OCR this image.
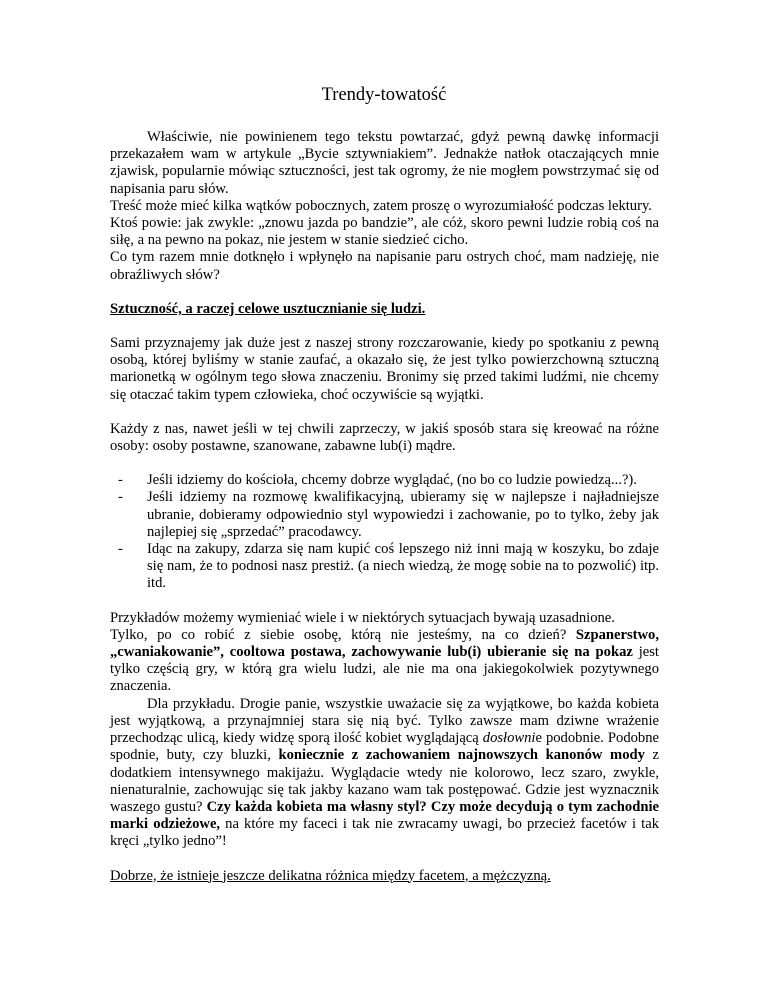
Trendy-towatość

Właściwie, nie powinienem tego tekstu powtarzać, gdyż pewną dawkę informacji przekazałem wam w artykule „Bycie sztywniakiem”. Jednakże natłok otaczających mnie zjawisk, popularnie mówiąc sztuczności, jest tak ogromy, że nie mogłem powstrzymać się od napisania paru słów.

Treść może mieć kilka wątków pobocznych, zatem proszę o wyrozumiałość podczas lektury.

Ktoś powie: jak zwykle: „znowu jazda po bandzie”, ale cóż, skoro pewni ludzie robią coś na siłę, a na pewno na pokaz, nie jestem w stanie siedzieć cicho.

Co tym razem mnie dotknęło i wpłynęło na napisanie paru ostrych choć, mam nadzieję, nie obraźliwych słów?

Sztuczność, a raczej celowe usztucznianie się ludzi.

Sami przyznajemy jak duże jest z naszej strony rozczarowanie, kiedy po spotkaniu z pewną osobą, której byliśmy w stanie zaufać, a okazało się, że jest tylko powierzchowną sztuczną marionetką w ogólnym tego słowa znaczeniu. Bronimy się przed takimi ludźmi, nie chcemy się otaczać takim typem człowieka, choć oczywiście są wyjątki.

Każdy z nas, nawet jeśli w tej chwili zaprzeczy, w jakiś sposób stara się kreować na różne osoby: osoby postawne, szanowane, zabawne lub(i) mądre.

- Jeśli idziemy do kościoła, chcemy dobrze wyglądać, (no bo co ludzie powiedzą...?).
- Jeśli idziemy na rozmowę kwalifikacyjną, ubieramy się w najlepsze i najładniejsze ubranie, dobieramy odpowiednio styl wypowiedzi i zachowanie, po to tylko, żeby jak najlepiej się „sprzedać” pracodawcy.
- Idąc na zakupy, zdarza się nam kupić coś lepszego niż inni mają w koszyku, bo zdaje się nam, że to podnosi nasz prestiż. (a niech wiedzą, że mogę sobie na to pozwolić) itp. itd.

Przykładów możemy wymieniać wiele i w niektórych sytuacjach bywają uzasadnione.

Tylko, po co robić z siebie osobę, którą nie jesteśmy, na co dzień? Szpanerstwo, „cwaniakowanie”, cooltowa postawa, zachowywanie lub(i) ubieranie się na pokaz jest tylko częścią gry, w którą gra wielu ludzi, ale nie ma ona jakiegokolwiek pozytywnego znaczenia.

Dla przykładu. Drogie panie, wszystkie uważacie się za wyjątkowe, bo każda kobieta jest wyjątkową, a przynajmniej stara się nią być. Tylko zawsze mam dziwne wrażenie przechodząc ulicą, kiedy widzę sporą ilość kobiet wyglądającą dosłownie podobnie. Podobne spodnie, buty, czy bluzki, koniecznie z zachowaniem najnowszych kanonów mody z dodatkiem intensywnego makijażu. Wyglądacie wtedy nie kolorowo, lecz szaro, zwykle, nienaturalnie, zachowując się tak jakby kazano wam tak postępować. Gdzie jest wyznacznik waszego gustu? Czy każda kobieta ma własny styl? Czy może decydują o tym zachodnie marki odzieżowe, na które my faceci i tak nie zwracamy uwagi, bo przecież facetów i tak kręci „tylko jedno”!

Dobrze, że istnieje jeszcze delikatna różnica między facetem, a mężczyzną.
